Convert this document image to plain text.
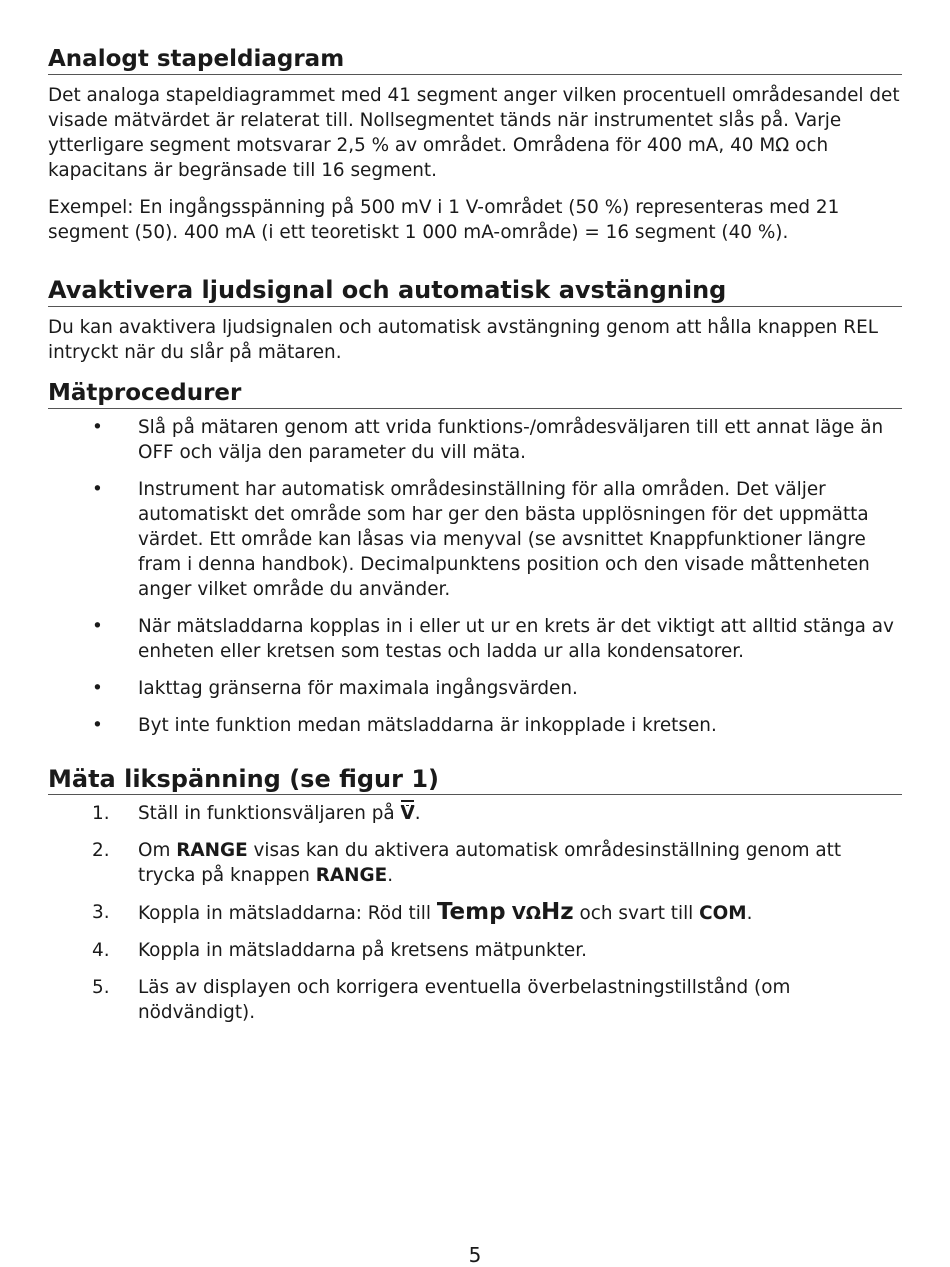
Analogt stapeldiagram

Det analoga stapeldiagrammet med 41 segment anger vilken procentuell områdesandel det visade mätvärdet är relaterat till. Nollsegmentet tänds när instrumentet slås på. Varje ytterligare segment motsvarar 2,5 % av området. Områdena för 400 mA, 40 MΩ och kapacitans är begränsade till 16 segment.

Exempel: En ingångsspänning på 500 mV i 1 V-området (50 %) representeras med 21 segment (50). 400 mA (i ett teoretiskt 1 000 mA-område) = 16 segment (40 %).

Avaktivera ljudsignal och automatisk avstängning

Du kan avaktivera ljudsignalen och automatisk avstängning genom att hålla knappen REL intryckt när du slår på mätaren.

Mätprocedurer
• Slå på mätaren genom att vrida funktions-/områdesväljaren till ett annat läge än OFF och välja den parameter du vill mäta.
• Instrument har automatisk områdesinställning för alla områden. Det väljer automatiskt det område som har ger den bästa upplösningen för det uppmätta värdet. Ett område kan låsas via menyval (se avsnittet Knappfunktioner längre fram i denna handbok). Decimalpunktens position och den visade måttenheten anger vilket område du använder.
• När mätsladdarna kopplas in i eller ut ur en krets är det viktigt att alltid stänga av enheten eller kretsen som testas och ladda ur alla kondensatorer.
• Iakttag gränserna för maximala ingångsvärden.
• Byt inte funktion medan mätsladdarna är inkopplade i kretsen.
Mäta likspänning (se figur 1)
1. Ställ in funktionsväljaren på
V.
2. Om RANGE visas kan du aktivera automatisk områdesinställning genom att trycka på knappen RANGE.
3. Koppla in mätsladdarna: Röd till Temp VΩHz och svart till COM.
4. Koppla in mätsladdarna på kretsens mätpunkter.
5. Läs av displayen och korrigera eventuella överbelastningstillstånd (om nödvändigt).
5
